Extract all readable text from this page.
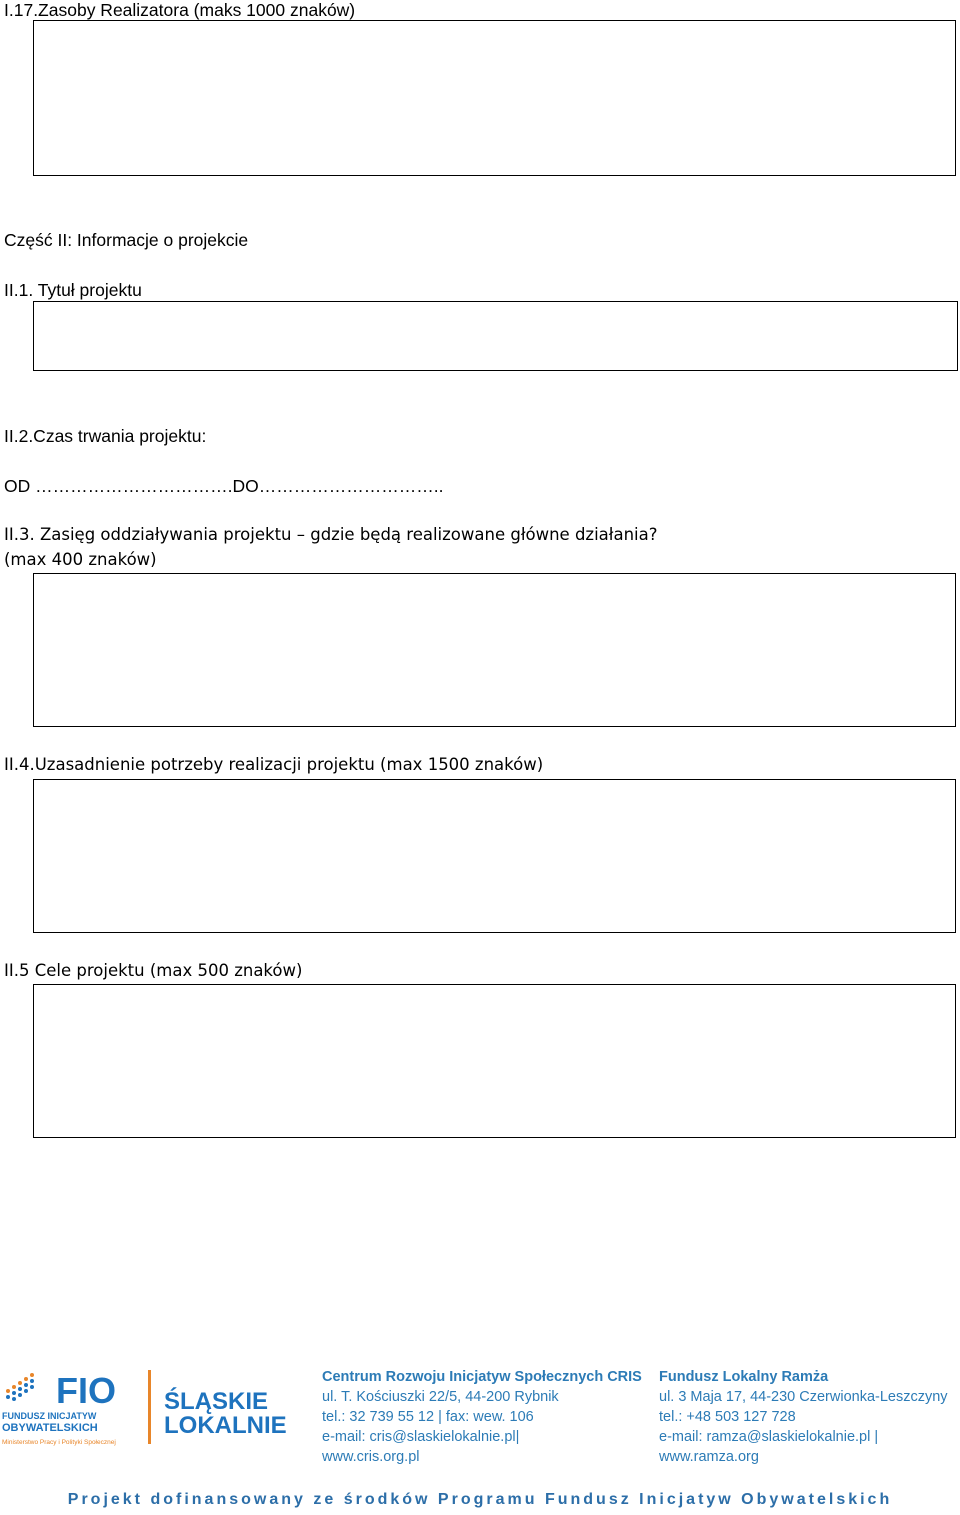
I.17.Zasoby Realizatora (maks 1000 znaków)
Część II: Informacje o projekcie
II.1. Tytuł projektu
II.2.Czas trwania projektu:
OD …………………………….DO…………………………..
II.3. Zasięg oddziaływania projektu – gdzie będą realizowane główne działania?
(max 400 znaków)
II.4.Uzasadnienie potrzeby realizacji projektu (max 1500 znaków)
II.5 Cele projektu (max 500 znaków)
FIO
FUNDUSZ INICJATYW
OBYWATELSKICH
Ministerstwo Pracy i Polityki Społecznej
ŚLĄSKIE
LOKALNIE
Centrum Rozwoju Inicjatyw Społecznych CRIS
ul. T. Kościuszki 22/5, 44-200 Rybnik
tel.: 32 739 55 12 | fax: wew. 106
e-mail: cris@slaskielokalnie.pl|
www.cris.org.pl
Fundusz Lokalny Ramża
ul. 3 Maja 17, 44-230 Czerwionka-Leszczyny
tel.: +48 503 127 728
e-mail: ramza@slaskielokalnie.pl |
www.ramza.org
Projekt dofinansowany ze środków Programu Fundusz Inicjatyw Obywatelskich
